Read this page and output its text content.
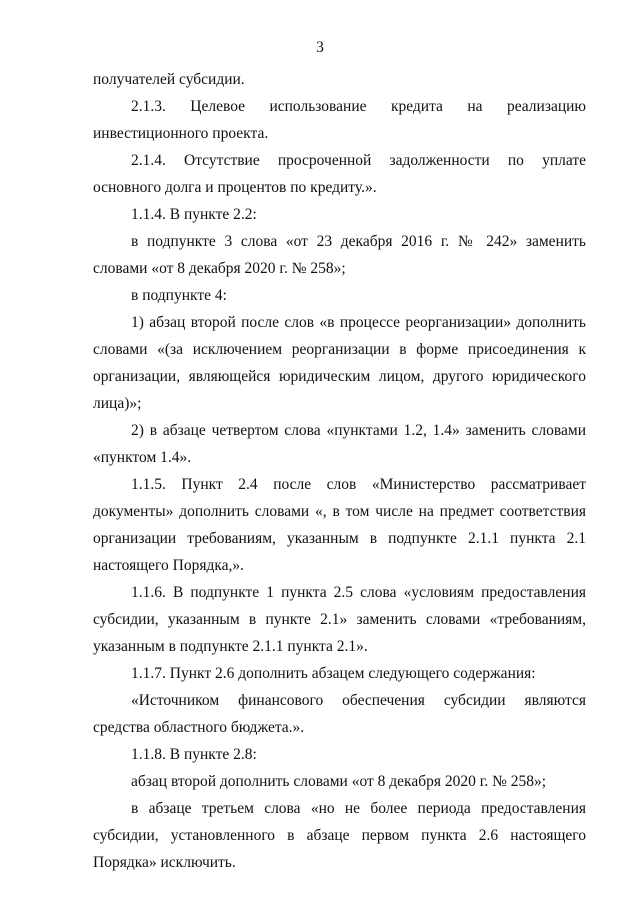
3

получателей субсидии.

2.1.3. Целевое использование кредита на реализацию инвестиционного проекта.

2.1.4. Отсутствие просроченной задолженности по уплате основного долга и процентов по кредиту.».

1.1.4. В пункте 2.2:

в подпункте 3 слова «от 23 декабря 2016 г. № 242» заменить словами «от 8 декабря 2020 г. № 258»;

в подпункте 4:

1) абзац второй после слов «в процессе реорганизации» дополнить словами «(за исключением реорганизации в форме присоединения к организации, являющейся юридическим лицом, другого юридического лица)»;

2) в абзаце четвертом слова «пунктами 1.2, 1.4» заменить словами «пунктом 1.4».

1.1.5. Пункт 2.4 после слов «Министерство рассматривает документы» дополнить словами «, в том числе на предмет соответствия организации требованиям, указанным в подпункте 2.1.1 пункта 2.1 настоящего Порядка,».

1.1.6. В подпункте 1 пункта 2.5 слова «условиям предоставления субсидии, указанным в пункте 2.1» заменить словами «требованиям, указанным в подпункте 2.1.1 пункта 2.1».

1.1.7. Пункт 2.6 дополнить абзацем следующего содержания:

«Источником финансового обеспечения субсидии являются средства областного бюджета.».

1.1.8. В пункте 2.8:

абзац второй дополнить словами «от 8 декабря 2020 г. № 258»;

в абзаце третьем слова «но не более периода предоставления субсидии, установленного в абзаце первом пункта 2.6 настоящего Порядка» исключить.
